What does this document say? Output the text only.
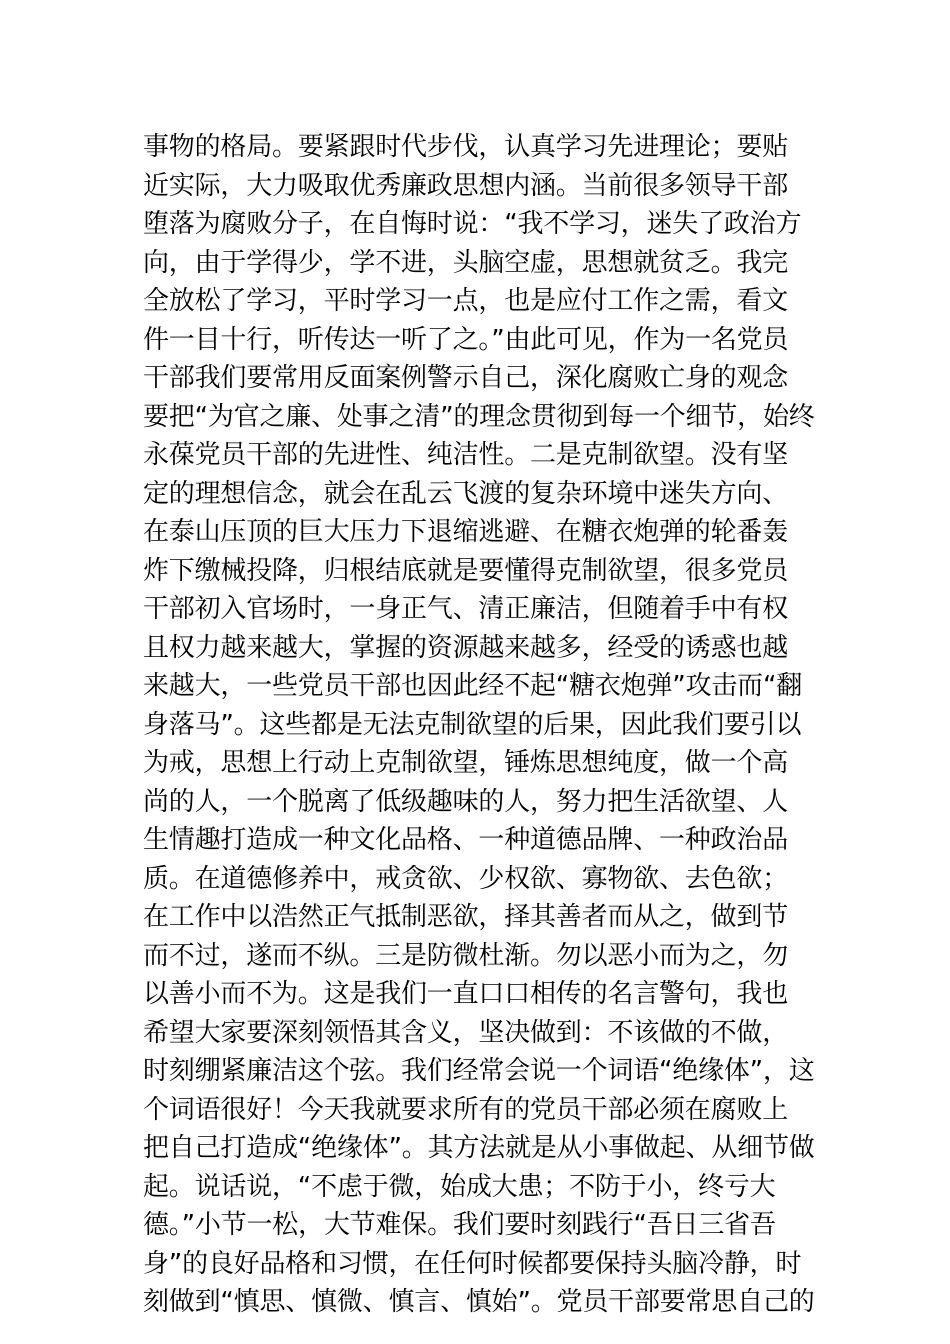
事物的格局。要紧跟时代步伐，认真学习先进理论；要贴
近实际，大力吸取优秀廉政思想内涵。当前很多领导干部
堕落为腐败分子，在自悔时说：“我不学习，迷失了政治方
向，由于学得少，学不进，头脑空虚，思想就贫乏。我完
全放松了学习，平时学习一点，也是应付工作之需，看文
件一目十行，听传达一听了之。”由此可见，作为一名党员
干部我们要常用反面案例警示自己，深化腐败亡身的观念
要把“为官之廉、处事之清”的理念贯彻到每一个细节，始终
永葆党员干部的先进性、纯洁性。二是克制欲望。没有坚
定的理想信念，就会在乱云飞渡的复杂环境中迷失方向、
在泰山压顶的巨大压力下退缩逃避、在糖衣炮弹的轮番轰
炸下缴械投降，归根结底就是要懂得克制欲望，很多党员
干部初入官场时，一身正气、清正廉洁，但随着手中有权
且权力越来越大，掌握的资源越来越多，经受的诱惑也越
来越大，一些党员干部也因此经不起“糖衣炮弹”攻击而“翻
身落马”。这些都是无法克制欲望的后果，因此我们要引以
为戒，思想上行动上克制欲望，锤炼思想纯度，做一个高
尚的人，一个脱离了低级趣味的人，努力把生活欲望、人
生情趣打造成一种文化品格、一种道德品牌、一种政治品
质。在道德修养中，戒贪欲、少权欲、寡物欲、去色欲；
在工作中以浩然正气抵制恶欲，择其善者而从之，做到节
而不过，遂而不纵。三是防微杜渐。勿以恶小而为之，勿
以善小而不为。这是我们一直口口相传的名言警句，我也
希望大家要深刻领悟其含义，坚决做到：不该做的不做，
时刻绷紧廉洁这个弦。我们经常会说一个词语“绝缘体”，这
个词语很好！今天我就要求所有的党员干部必须在腐败上
把自己打造成“绝缘体”。其方法就是从小事做起、从细节做
起。说话说，“不虑于微，始成大患；不防于小，终亏大
德。”小节一松，大节难保。我们要时刻践行“吾日三省吾
身”的良好品格和习惯，在任何时候都要保持头脑冷静，时
刻做到“慎思、慎微、慎言、慎始”。党员干部要常思自己的
